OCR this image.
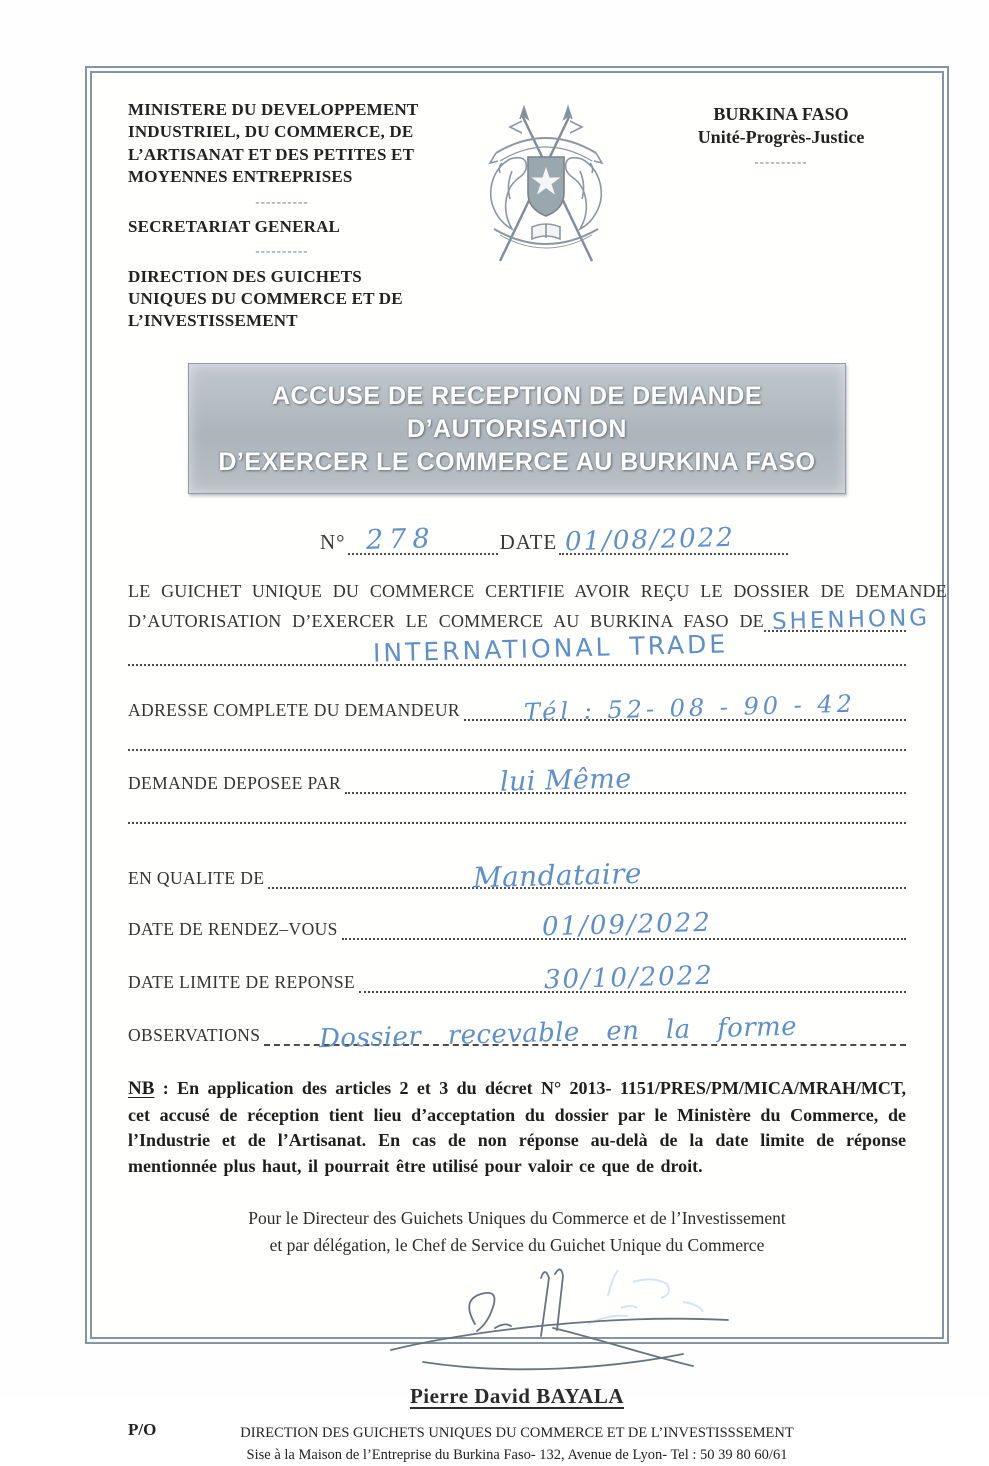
MINISTERE DU DEVELOPPEMENT INDUSTRIEL, DU COMMERCE, DE L’ARTISANAT ET DES PETITES ET MOYENNES ENTREPRISES
----------
SECRETARIAT GENERAL
----------
DIRECTION DES GUICHETS UNIQUES DU COMMERCE ET DE L’INVESTISSEMENT
BURKINA FASO
Unité-Progrès-Justice
----------
ACCUSE DE RECEPTION DE DEMANDE D’AUTORISATION
D’EXERCER LE COMMERCE AU BURKINA FASO
N° 278	DATE 01/08/2022
LE GUICHET UNIQUE DU COMMERCE CERTIFIE AVOIR REÇU LE DOSSIER DE DEMANDE
D’AUTORISATION D’EXERCER LE COMMERCE AU BURKINA FASO DE SHENHONG
INTERNATIONAL TRADE
ADRESSE COMPLETE DU DEMANDEUR	Tél : 52- 08 - 90 - 42
DEMANDE DEPOSEE PAR	lui Même
EN QUALITE DE	Mandataire
DATE DE RENDEZ–VOUS	01/09/2022
DATE LIMITE DE REPONSE	30/10/2022
OBSERVATIONS Dossier recevable en la forme
NB : En application des articles 2 et 3 du décret N° 2013- 1151/PRES/PM/MICA/MRAH/MCT, cet accusé de réception tient lieu d’acceptation du dossier par le Ministère du Commerce, de l’Industrie et de l’Artisanat. En cas de non réponse au-delà de la date limite de réponse mentionnée plus haut, il pourrait être utilisé pour valoir ce que de droit.
Pour le Directeur des Guichets Uniques du Commerce et de l’Investissement
et par délégation, le Chef de Service du Guichet Unique du Commerce
Pierre David BAYALA
P/O	DIRECTION DES GUICHETS UNIQUES DU COMMERCE ET DE L’INVESTISSSEMENT
Sise à la Maison de l’Entreprise du Burkina Faso- 132, Avenue de Lyon- Tel : 50 39 80 60/61
